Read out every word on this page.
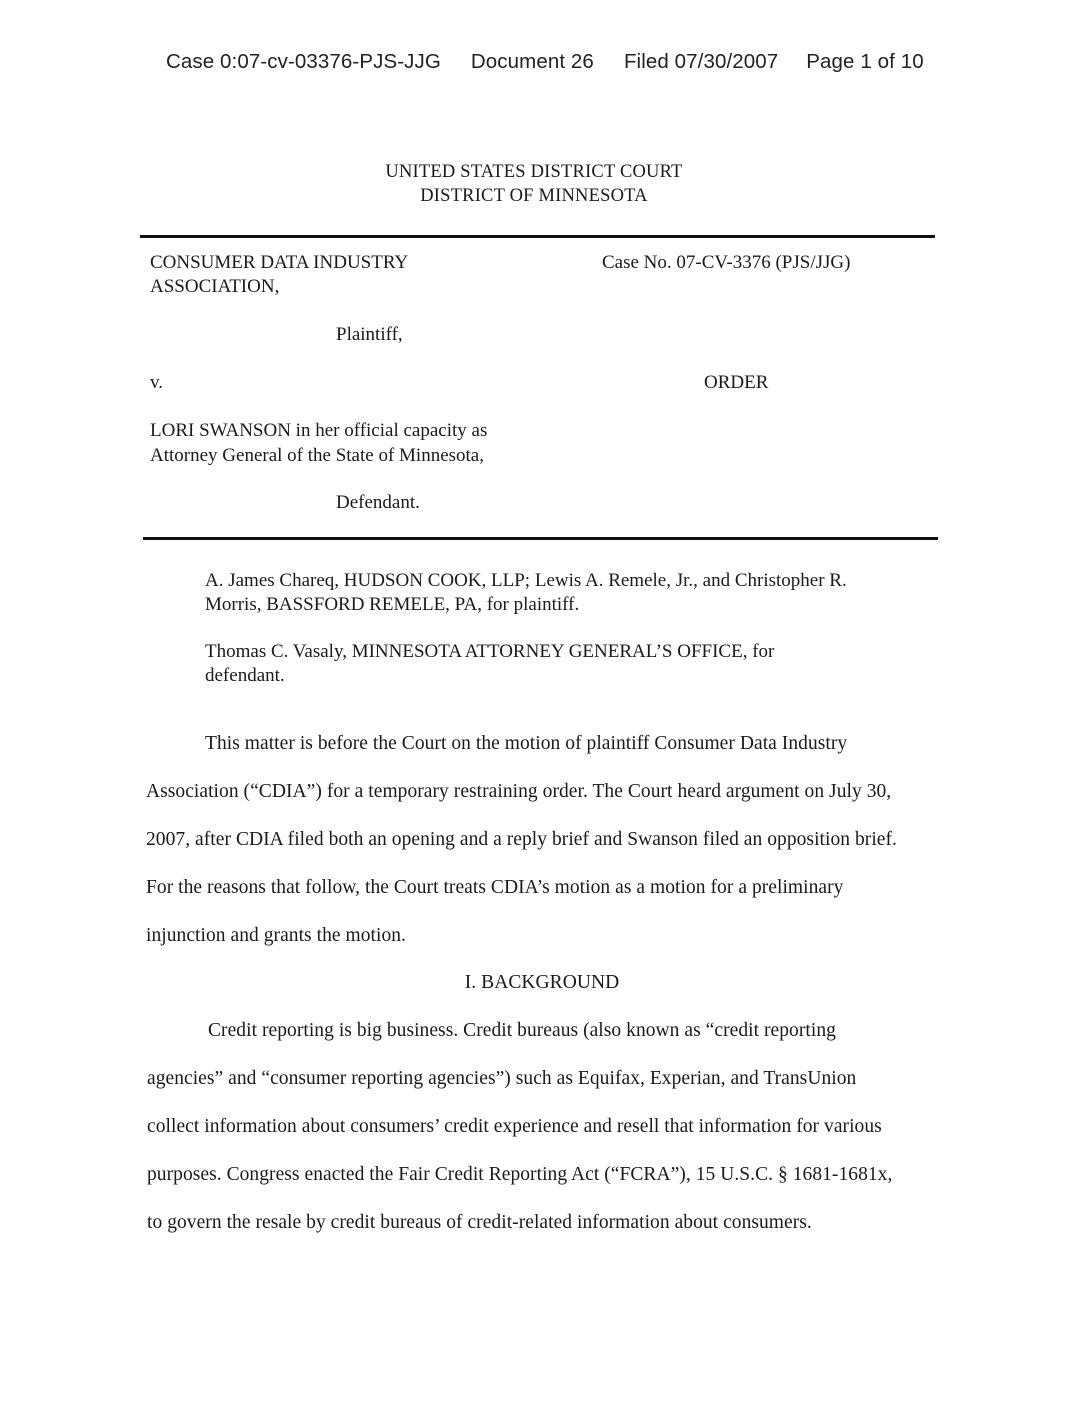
Case 0:07-cv-03376-PJS-JJG Document 26 Filed 07/30/2007 Page 1 of 10
UNITED STATES DISTRICT COURT
DISTRICT OF MINNESOTA
CONSUMER DATA INDUSTRY
ASSOCIATION,
Plaintiff,
v.
LORI SWANSON in her official capacity as
Attorney General of the State of Minnesota,
Defendant.
Case No. 07-CV-3376 (PJS/JJG)
ORDER
A. James Chareq, HUDSON COOK, LLP; Lewis A. Remele, Jr., and Christopher R.
Morris, BASSFORD REMELE, PA, for plaintiff.
Thomas C. Vasaly, MINNESOTA ATTORNEY GENERAL’S OFFICE, for
defendant.
This matter is before the Court on the motion of plaintiff Consumer Data Industry
Association (“CDIA”) for a temporary restraining order. The Court heard argument on July 30,
2007, after CDIA filed both an opening and a reply brief and Swanson filed an opposition brief.
For the reasons that follow, the Court treats CDIA’s motion as a motion for a preliminary
injunction and grants the motion.
I. BACKGROUND
Credit reporting is big business. Credit bureaus (also known as “credit reporting
agencies” and “consumer reporting agencies”) such as Equifax, Experian, and TransUnion
collect information about consumers’ credit experience and resell that information for various
purposes. Congress enacted the Fair Credit Reporting Act (“FCRA”), 15 U.S.C. § 1681-1681x,
to govern the resale by credit bureaus of credit-related information about consumers.
